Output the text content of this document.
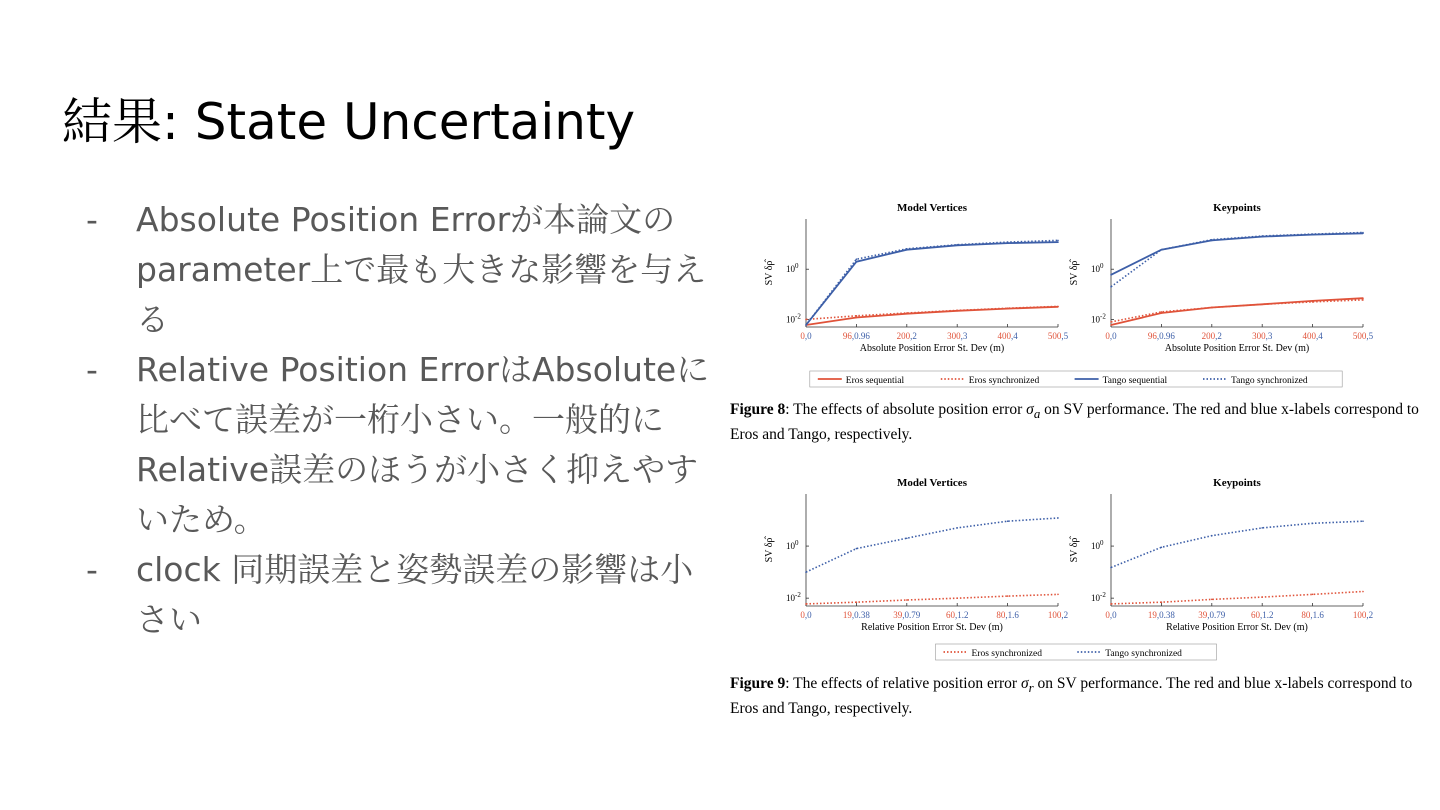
結果: State Uncertainty
- Absolute Position Errorが本論文のparameter上で最も大きな影響を与える
- Relative Position ErrorはAbsoluteに比べて誤差が一桁小さい。一般的にRelative誤差のほうが小さく抑えやすいため。
- clock 同期誤差と姿勢誤差の影響は小さい
Model Vertices
SV δρ̂ $10^0$
$10^{-2}$
0,0	96,0.96	200,2	300,3	400,4	500,5
Absolute Position Error St. Dev (m)
Keypoints
SV δρ̂ $10^0$
$10^{-2}$
0,0	96,0.96	200,2	300,3	400,4	500,5
Absolute Position Error St. Dev (m)
Eros sequential	Eros synchronized	Tango sequential	Tango synchronized
Figure 8: The effects of absolute position error $\sigma_a$ on SV performance. The red and blue x-labels correspond to Eros and Tango, respectively.
Model Vertices
SV δρ̂ $10^0$
$10^{-2}$
0,0	19,0.38	39,0.79	60,1.2	80,1.6	100,2
Relative Position Error St. Dev (m)
Keypoints
SV δρ̂ $10^0$
$10^{-2}$
0,0	19,0.38	39,0.79	60,1.2	80,1.6	100,2
Relative Position Error St. Dev (m)
Eros synchronized	Tango synchronized
Figure 9: The effects of relative position error $\sigma_r$ on SV performance. The red and blue x-labels correspond to Eros and Tango, respectively.
